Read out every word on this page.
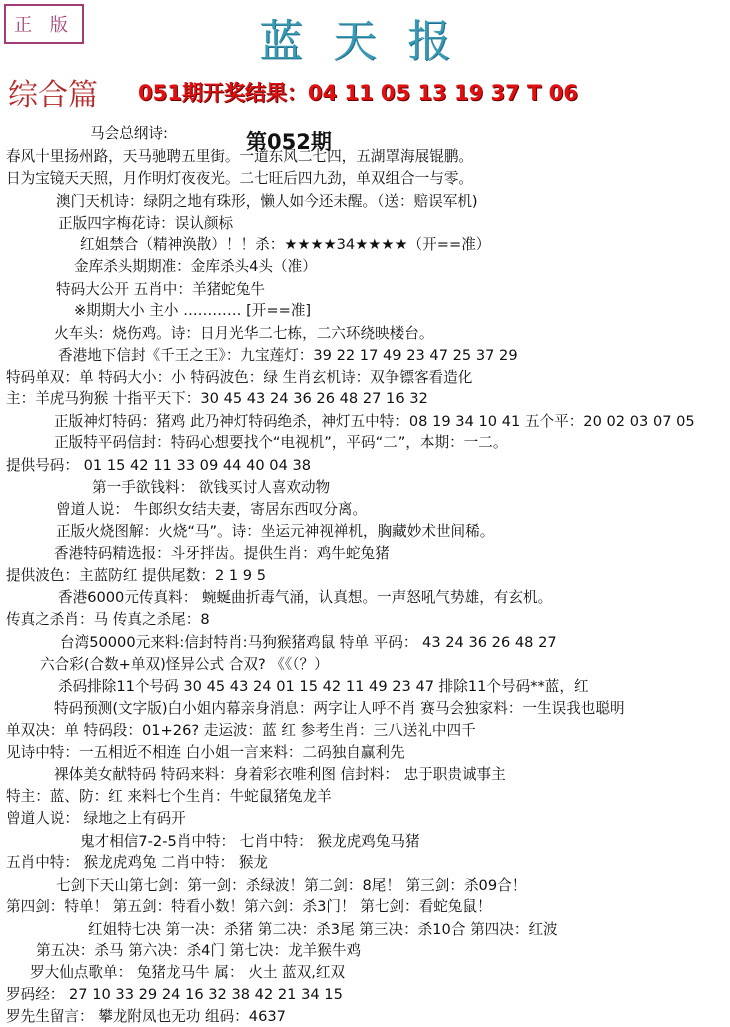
正 版	蓝天报
综合篇 051期开奖结果：04 11 05 13 19 37 T 06
第052期
马会总纲诗:
春风十里扬州路，天马驰聘五里街。一道东风二七四，五湖罩海展锟鹏。
日为宝镜天天照，月作明灯夜夜光。二七旺后四九劲，单双组合一与零。
澳门天机诗：绿阴之地有珠形，懒人如今还未醒。（送：赔误军机)
正版四字梅花诗：误认颜标
红姐禁合（精神涣散）！！杀：★★★★34★★★★（开==准）
金库杀头期期准：金库杀头4头（准）
特码大公开 五肖中：羊猪蛇兔牛
※期期大小 主小 ………… [开==准]
火车头：烧伤鸡。诗：日月光华二七栋，二六环绕映楼台。
香港地下信封《千王之王》：九宝莲灯：39 22 17 49 23 47 25 37 29
特码单双：单 特码大小：小 特码波色：绿 生肖玄机诗：双争镖客看造化
主：羊虎马狗猴 十指平天下：30 45 43 24 36 26 48 27 16 32
正版神灯特码：猪鸡 此乃神灯特码绝杀，神灯五中特：08 19 34 10 41 五个平：20 02 03 07 05
正版特平码信封：特码心想要找个“电视机”，平码“二”，本期：一二。
提供号码： 01 15 42 11 33 09 44 40 04 38
第一手欲钱料： 欲钱买讨人喜欢动物
曾道人说： 牛郎织女结夫妻，寄居东西叹分离。
正版火烧图解：火烧“马”。诗：坐运元神视禅机，胸藏妙术世间稀。
香港特码精选报：斗牙拌齿。提供生肖：鸡牛蛇兔猪
提供波色：主蓝防红 提供尾数：2 1 9 5
香港6000元传真料： 蜿蜒曲折毒气涌，认真想。一声怒吼气势雄，有玄机。
传真之杀肖：马 传真之杀尾：8
台湾50000元来料:信封特肖:马狗猴猪鸡鼠 特单 平码： 43 24 36 26 48 27
六合彩(合数+单双)怪异公式 合双? 《《（？）
杀码排除11个号码 30 45 43 24 01 15 42 11 49 23 47 排除11个号码**蓝，红
特码预测(文字版)白小姐内幕亲身消息：两字让人呼不肖 赛马会独家料：一生误我也聪明
单双决：单 特码段：01+26? 走运波：蓝 红 参考生肖：三八送礼中四千
见诗中特：一五相近不相连 白小姐一言来料：二码独自赢利先
裸体美女献特码 特码来料：身着彩衣唯利图 信封料： 忠于职贵诚事主
特主：蓝、防：红 来料七个生肖：牛蛇鼠猪兔龙羊
曾道人说： 绿地之上有码开
鬼才相信7-2-5肖中特： 七肖中特： 猴龙虎鸡兔马猪
五肖中特： 猴龙虎鸡兔 二肖中特： 猴龙
七剑下天山第七剑：第一剑：杀绿波！第二剑：8尾！ 第三剑：杀09合！
第四剑：特单！ 第五剑：特看小数！第六剑：杀3门！ 第七剑：看蛇兔鼠！
红姐特七决 第一决：杀猪 第二决：杀3尾 第三决：杀10合 第四决：红波
第五决：杀马 第六决：杀4门 第七决：龙羊猴牛鸡
罗大仙点歌单： 兔猪龙马牛 属： 火土 蓝双,红双
罗码经： 27 10 33 29 24 16 32 38 42 21 34 15
罗先生留言： 攀龙附凤也无功 组码：4637
